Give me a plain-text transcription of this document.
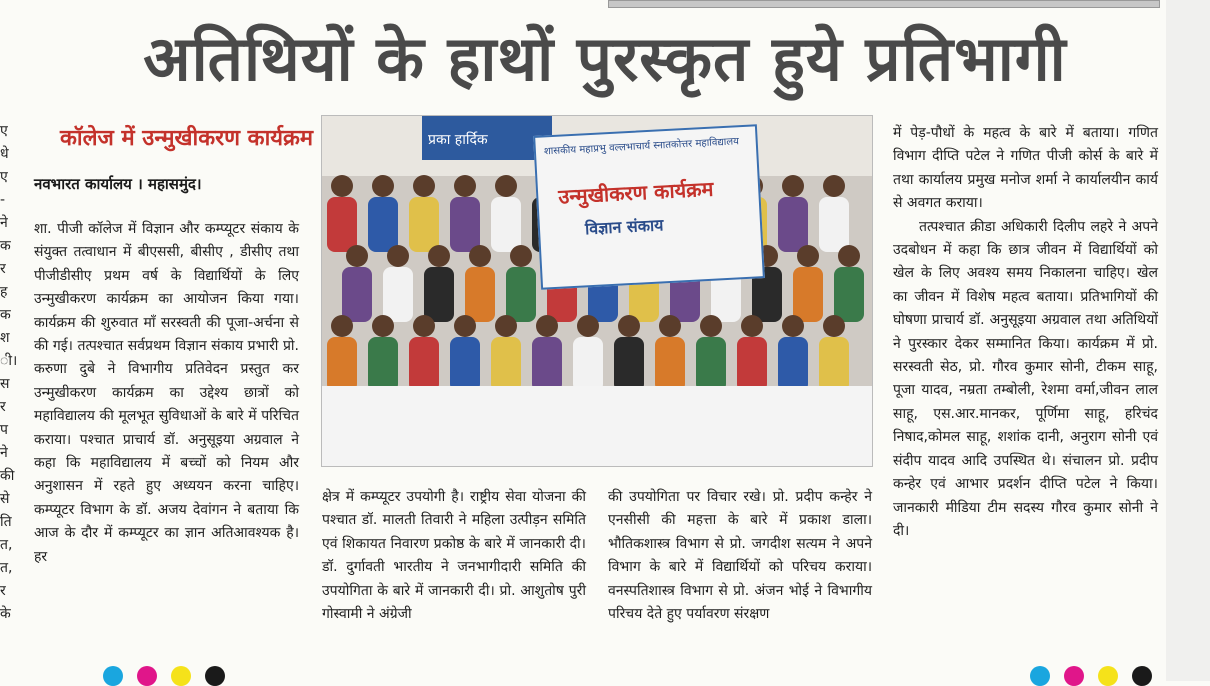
अतिथियों के हाथों पुरस्कृत हुये प्रतिभागी
ए
धे
ए
-
ने
क
र
ह
क
श
ी।
स
र
प
ने
की
से
ति
त,
त,
र
के
कॉलेज में उन्मुखीकरण कार्यक्रम
नवभारत कार्यालय । महासमुंद।

शा. पीजी कॉलेज में विज्ञान और कम्प्यूटर संकाय के संयुक्त तत्वाधान में बीएससी, बीसीए , डीसीए तथा पीजीडीसीए प्रथम वर्ष के विद्यार्थियों के लिए उन्मुखीकरण कार्यक्रम का आयोजन किया गया। कार्यक्रम की शुरुवात माँ सरस्वती की पूजा-अर्चना से की गई। तत्पश्चात सर्वप्रथम विज्ञान संकाय प्रभारी प्रो. करुणा दुबे ने विभागीय प्रतिवेदन प्रस्तुत कर उन्मुखीकरण कार्यक्रम का उद्देश्य छात्रों को महाविद्यालय की मूलभूत सुविधाओं के बारे में परिचित कराया। पश्चात प्राचार्य डॉ. अनुसूइया अग्रवाल ने कहा कि महाविद्यालय में बच्चों को नियम और अनुशासन में रहते हुए अध्ययन करना चाहिए। कम्प्यूटर विभाग के डॉ. अजय देवांगन ने बताया कि आज के दौर में कम्प्यूटर का ज्ञान अतिआवश्यक है। हर

प्रका हार्दिक	शासकीय महाप्रभु वल्लभाचार्य स्नातकोत्तर महाविद्यालय
उन्मुखीकरण कार्यक्रम
विज्ञान संकाय

क्षेत्र में कम्प्यूटर उपयोगी है। राष्ट्रीय सेवा योजना की पश्चात डॉ. मालती तिवारी ने महिला उत्पीड़न समिति एवं शिकायत निवारण प्रकोष्ठ के बारे में जानकारी दी। डॉ. दुर्गावती भारतीय ने जनभागीदारी समिति की उपयोगिता के बारे में जानकारी दी। प्रो. आशुतोष पुरी गोस्वामी ने अंग्रेजी

की उपयोगिता पर विचार रखे। प्रो. प्रदीप कन्हेर ने एनसीसी की महत्ता के बारे में प्रकाश डाला। भौतिकशास्त्र विभाग से प्रो. जगदीश सत्यम ने अपने विभाग के बारे में विद्यार्थियों को परिचय कराया। वनस्पतिशास्त्र विभाग से प्रो. अंजन भोई ने विभागीय परिचय देते हुए पर्यावरण संरक्षण

में पेड़-पौधों के महत्व के बारे में बताया। गणित विभाग दीप्ति पटेल ने गणित पीजी कोर्स के बारे में तथा कार्यालय प्रमुख मनोज शर्मा ने कार्यालयीन कार्य से अवगत कराया।

तत्पश्चात क्रीडा अधिकारी दिलीप लहरे ने अपने उदबोधन में कहा कि छात्र जीवन में विद्यार्थियों को खेल के लिए अवश्य समय निकालना चाहिए। खेल का जीवन में विशेष महत्व बताया। प्रतिभागियों की घोषणा प्राचार्य डॉ. अनुसूइया अग्रवाल तथा अतिथियों ने पुरस्कार देकर सम्मानित किया। कार्यक्रम में प्रो. सरस्वती सेठ, प्रो. गौरव कुमार सोनी, टीकम साहू, पूजा यादव, नम्रता तम्बोली, रेशमा वर्मा,जीवन लाल साहू, एस.आर.मानकर, पूर्णिमा साहू, हरिचंद निषाद,कोमल साहू, शशांक दानी, अनुराग सोनी एवं संदीप यादव आदि उपस्थित थे। संचालन प्रो. प्रदीप कन्हेर एवं आभार प्रदर्शन दीप्ति पटेल ने किया। जानकारी मीडिया टीम सदस्य गौरव कुमार सोनी ने दी।
